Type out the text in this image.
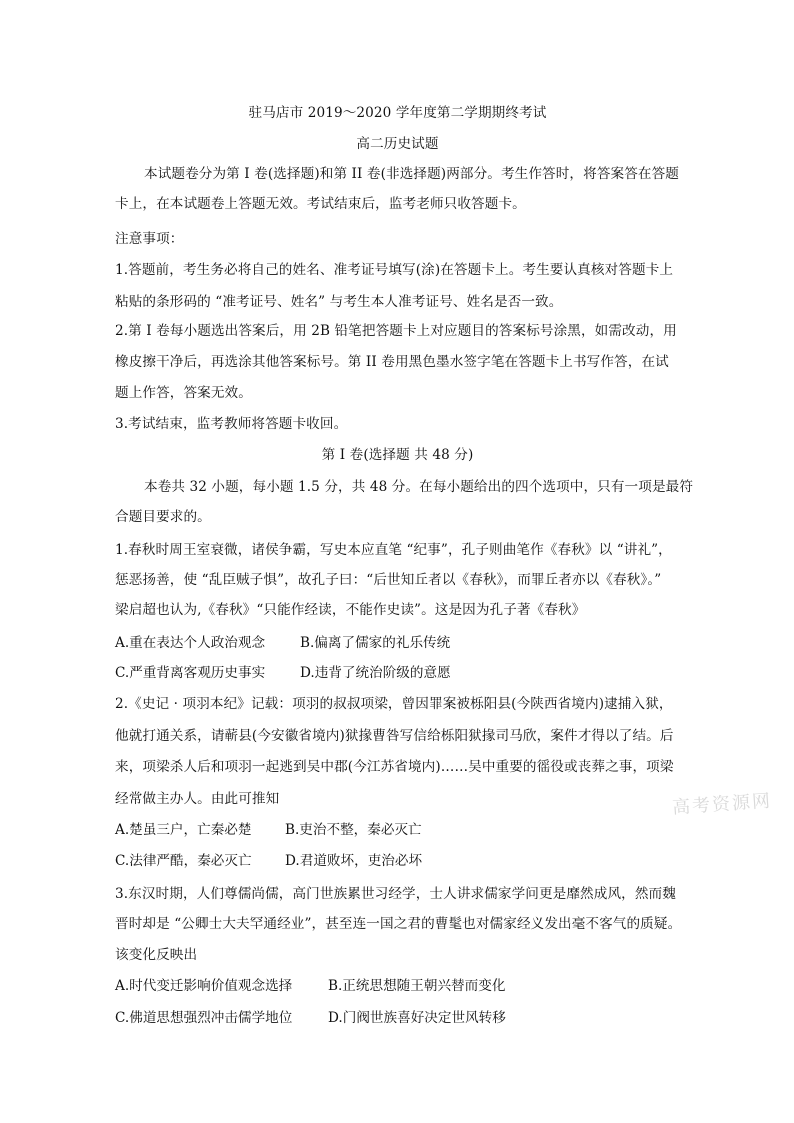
驻马店市 2019～2020 学年度第二学期期终考试
高二历史试题
本试题卷分为第 I 卷(选择题)和第 II 卷(非选择题)两部分。考生作答时，将答案答在答题
卡上，在本试题卷上答题无效。考试结束后，监考老师只收答题卡。
注意事项：
1.答题前，考生务必将自己的姓名、准考证号填写(涂)在答题卡上。考生要认真核对答题卡上
粘贴的条形码的 “准考证号、姓名” 与考生本人准考证号、姓名是否一致。
2.第 I 卷每小题选出答案后，用 2B 铅笔把答题卡上对应题目的答案标号涂黑，如需改动，用
橡皮擦干净后，再选涂其他答案标号。第 II 卷用黑色墨水签字笔在答题卡上书写作答，在试
题上作答，答案无效。
3.考试结束，监考教师将答题卡收回。
第 I 卷(选择题 共 48 分)
本卷共 32 小题，每小题 1.5 分，共 48 分。在每小题给出的四个选项中，只有一项是最符
合题目要求的。
1.春秋时周王室衰微，诸侯争霸，写史本应直笔 “纪事”，孔子则曲笔作《春秋》以 “讲礼”，
惩恶扬善，使 “乱臣贼子惧”，故孔子曰：“后世知丘者以《春秋》，而罪丘者亦以《春秋》。”
梁启超也认为,《春秋》“只能作经读，不能作史读”。这是因为孔子著《春秋》
A.重在表达个人政治观念	B.偏离了儒家的礼乐传统
C.严重背离客观历史事实	D.违背了统治阶级的意愿
2.《史记 · 项羽本纪》记载：项羽的叔叔项梁，曾因罪案被栎阳县(今陕西省境内)逮捕入狱，
他就打通关系，请蕲县(今安徽省境内)狱掾曹咎写信给栎阳狱掾司马欣，案件才得以了结。后
来，项梁杀人后和项羽一起逃到吴中郡(今江苏省境内)……吴中重要的徭役或丧葬之事，项梁
经常做主办人。由此可推知
A.楚虽三户，亡秦必楚 B.吏治不整，秦必灭亡
C.法律严酷，秦必灭亡 D.君道败坏，吏治必坏
3.东汉时期，人们尊儒尚儒，高门世族累世习经学，士人讲求儒家学问更是靡然成风，然而魏
晋时却是 “公卿士大夫罕通经业”，甚至连一国之君的曹髦也对儒家经义发出毫不客气的质疑。
该变化反映出
A.时代变迁影响价值观念选择	B.正统思想随王朝兴替而变化
C.佛道思想强烈冲击儒学地位	D.门阀世族喜好决定世风转移
高考资源网
